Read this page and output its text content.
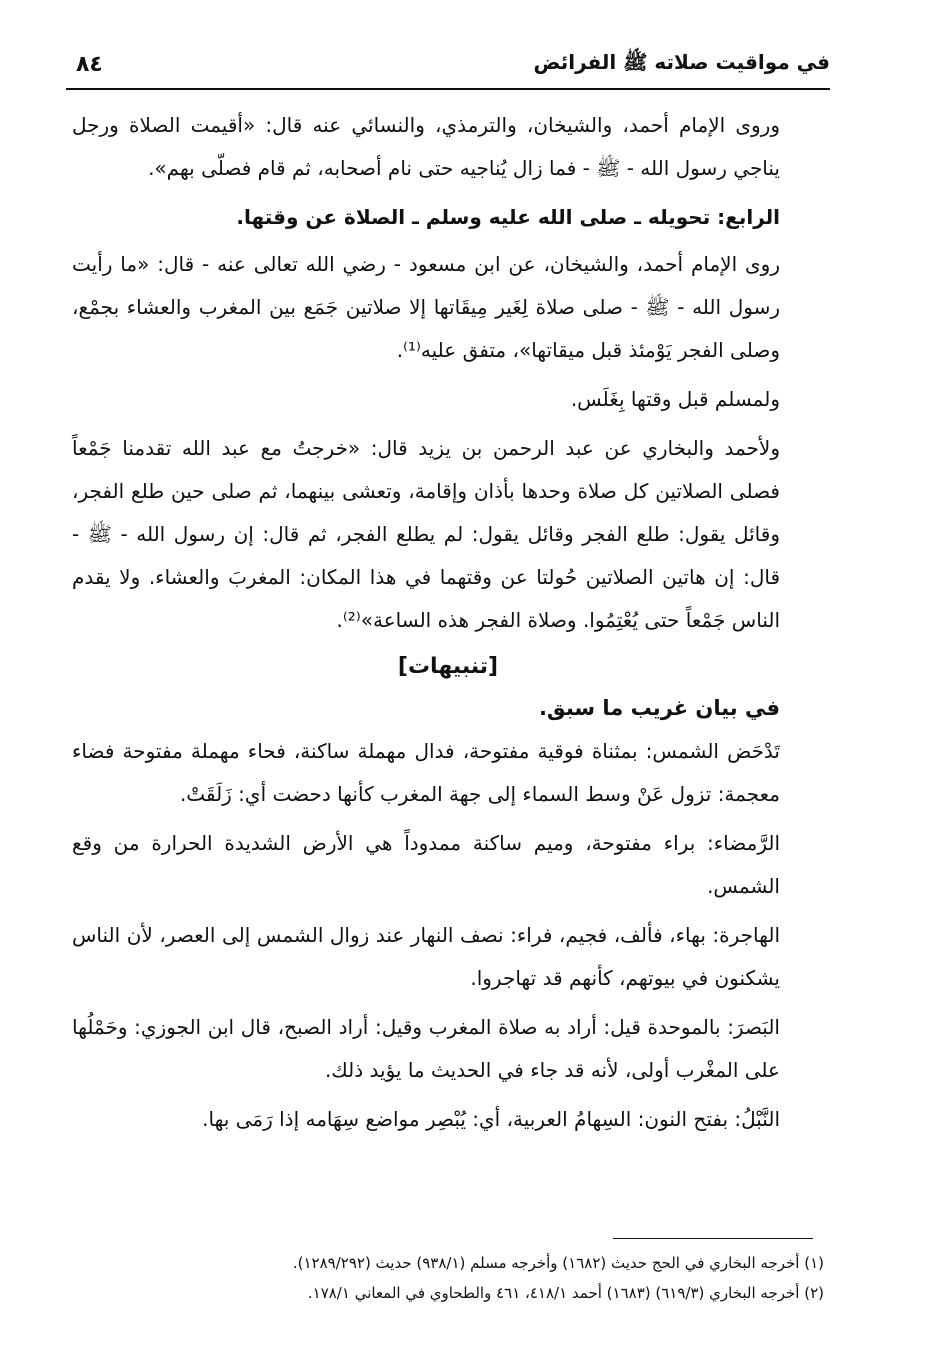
في مواقيت صلاته ﷺ الفرائض
٨٤

وروى الإمام أحمد، والشيخان، والترمذي، والنسائي عنه قال: «أقيمت الصلاة ورجل يناجي رسول الله - ﷺ - فما زال يُناجيه حتى نام أصحابه، ثم قام فصلّى بهم».

الرابع: تحويله ـ صلى الله عليه وسلم ـ الصلاة عن وقتها.

روى الإمام أحمد، والشيخان، عن ابن مسعود - رضي الله تعالى عنه - قال: «ما رأيت رسول الله - ﷺ - صلى صلاة لِغَير مِيقَاتها إلا صلاتين جَمَع بين المغرب والعشاء بجمْع، وصلى الفجر يَوْمئذ قبل ميقاتها»، متفق عليه⁽¹⁾.

ولمسلم قبل وقتها بِغَلَس.

ولأحمد والبخاري عن عبد الرحمن بن يزيد قال: «خرجتُ مع عبد الله تقدمنا جَمْعاً فصلى الصلاتين كل صلاة وحدها بأذان وإقامة، وتعشى بينهما، ثم صلى حين طلع الفجر، وقائل يقول: طلع الفجر وقائل يقول: لم يطلع الفجر، ثم قال: إن رسول الله - ﷺ - قال: إن هاتين الصلاتين حُولتا عن وقتهما في هذا المكان: المغربَ والعشاء. ولا يقدم الناس جَمْعاً حتى يُعْتِمُوا. وصلاة الفجر هذه الساعة»⁽²⁾.

[تنبيهات]

في بيان غريب ما سبق.

تَدْحَض الشمس: بمثناة فوقية مفتوحة، فدال مهملة ساكنة، فحاء مهملة مفتوحة فضاء معجمة: تزول عَنْ وسط السماء إلى جهة المغرب كأنها دحضت أي: زَلَقَتْ.

الرَّمضاء: براء مفتوحة، وميم ساكنة ممدوداً هي الأرض الشديدة الحرارة من وقع الشمس.

الهاجرة: بهاء، فألف، فجيم، فراء: نصف النهار عند زوال الشمس إلى العصر، لأن الناس يشكنون في بيوتهم، كأنهم قد تهاجروا.

البَصرَ: بالموحدة قيل: أراد به صلاة المغرب وقيل: أراد الصبح، قال ابن الجوزي: وحَمْلُها على المغْرب أولى، لأنه قد جاء في الحديث ما يؤيد ذلك.

النَّبْلُ: بفتح النون: السِهامُ العربية، أي: يُبْصِر مواضع سِهَامه إذا رَمَى بها.

(١) أخرجه البخاري في الحج حديث (١٦٨٢) وأخرجه مسلم (٩٣٨/١) حديث (١٢٨٩/٢٩٢).

(٢) أخرجه البخاري (٦١٩/٣) (١٦٨٣) أحمد ٤١٨/١، ٤٦١ والطحاوي في المعاني ١٧٨/١.
